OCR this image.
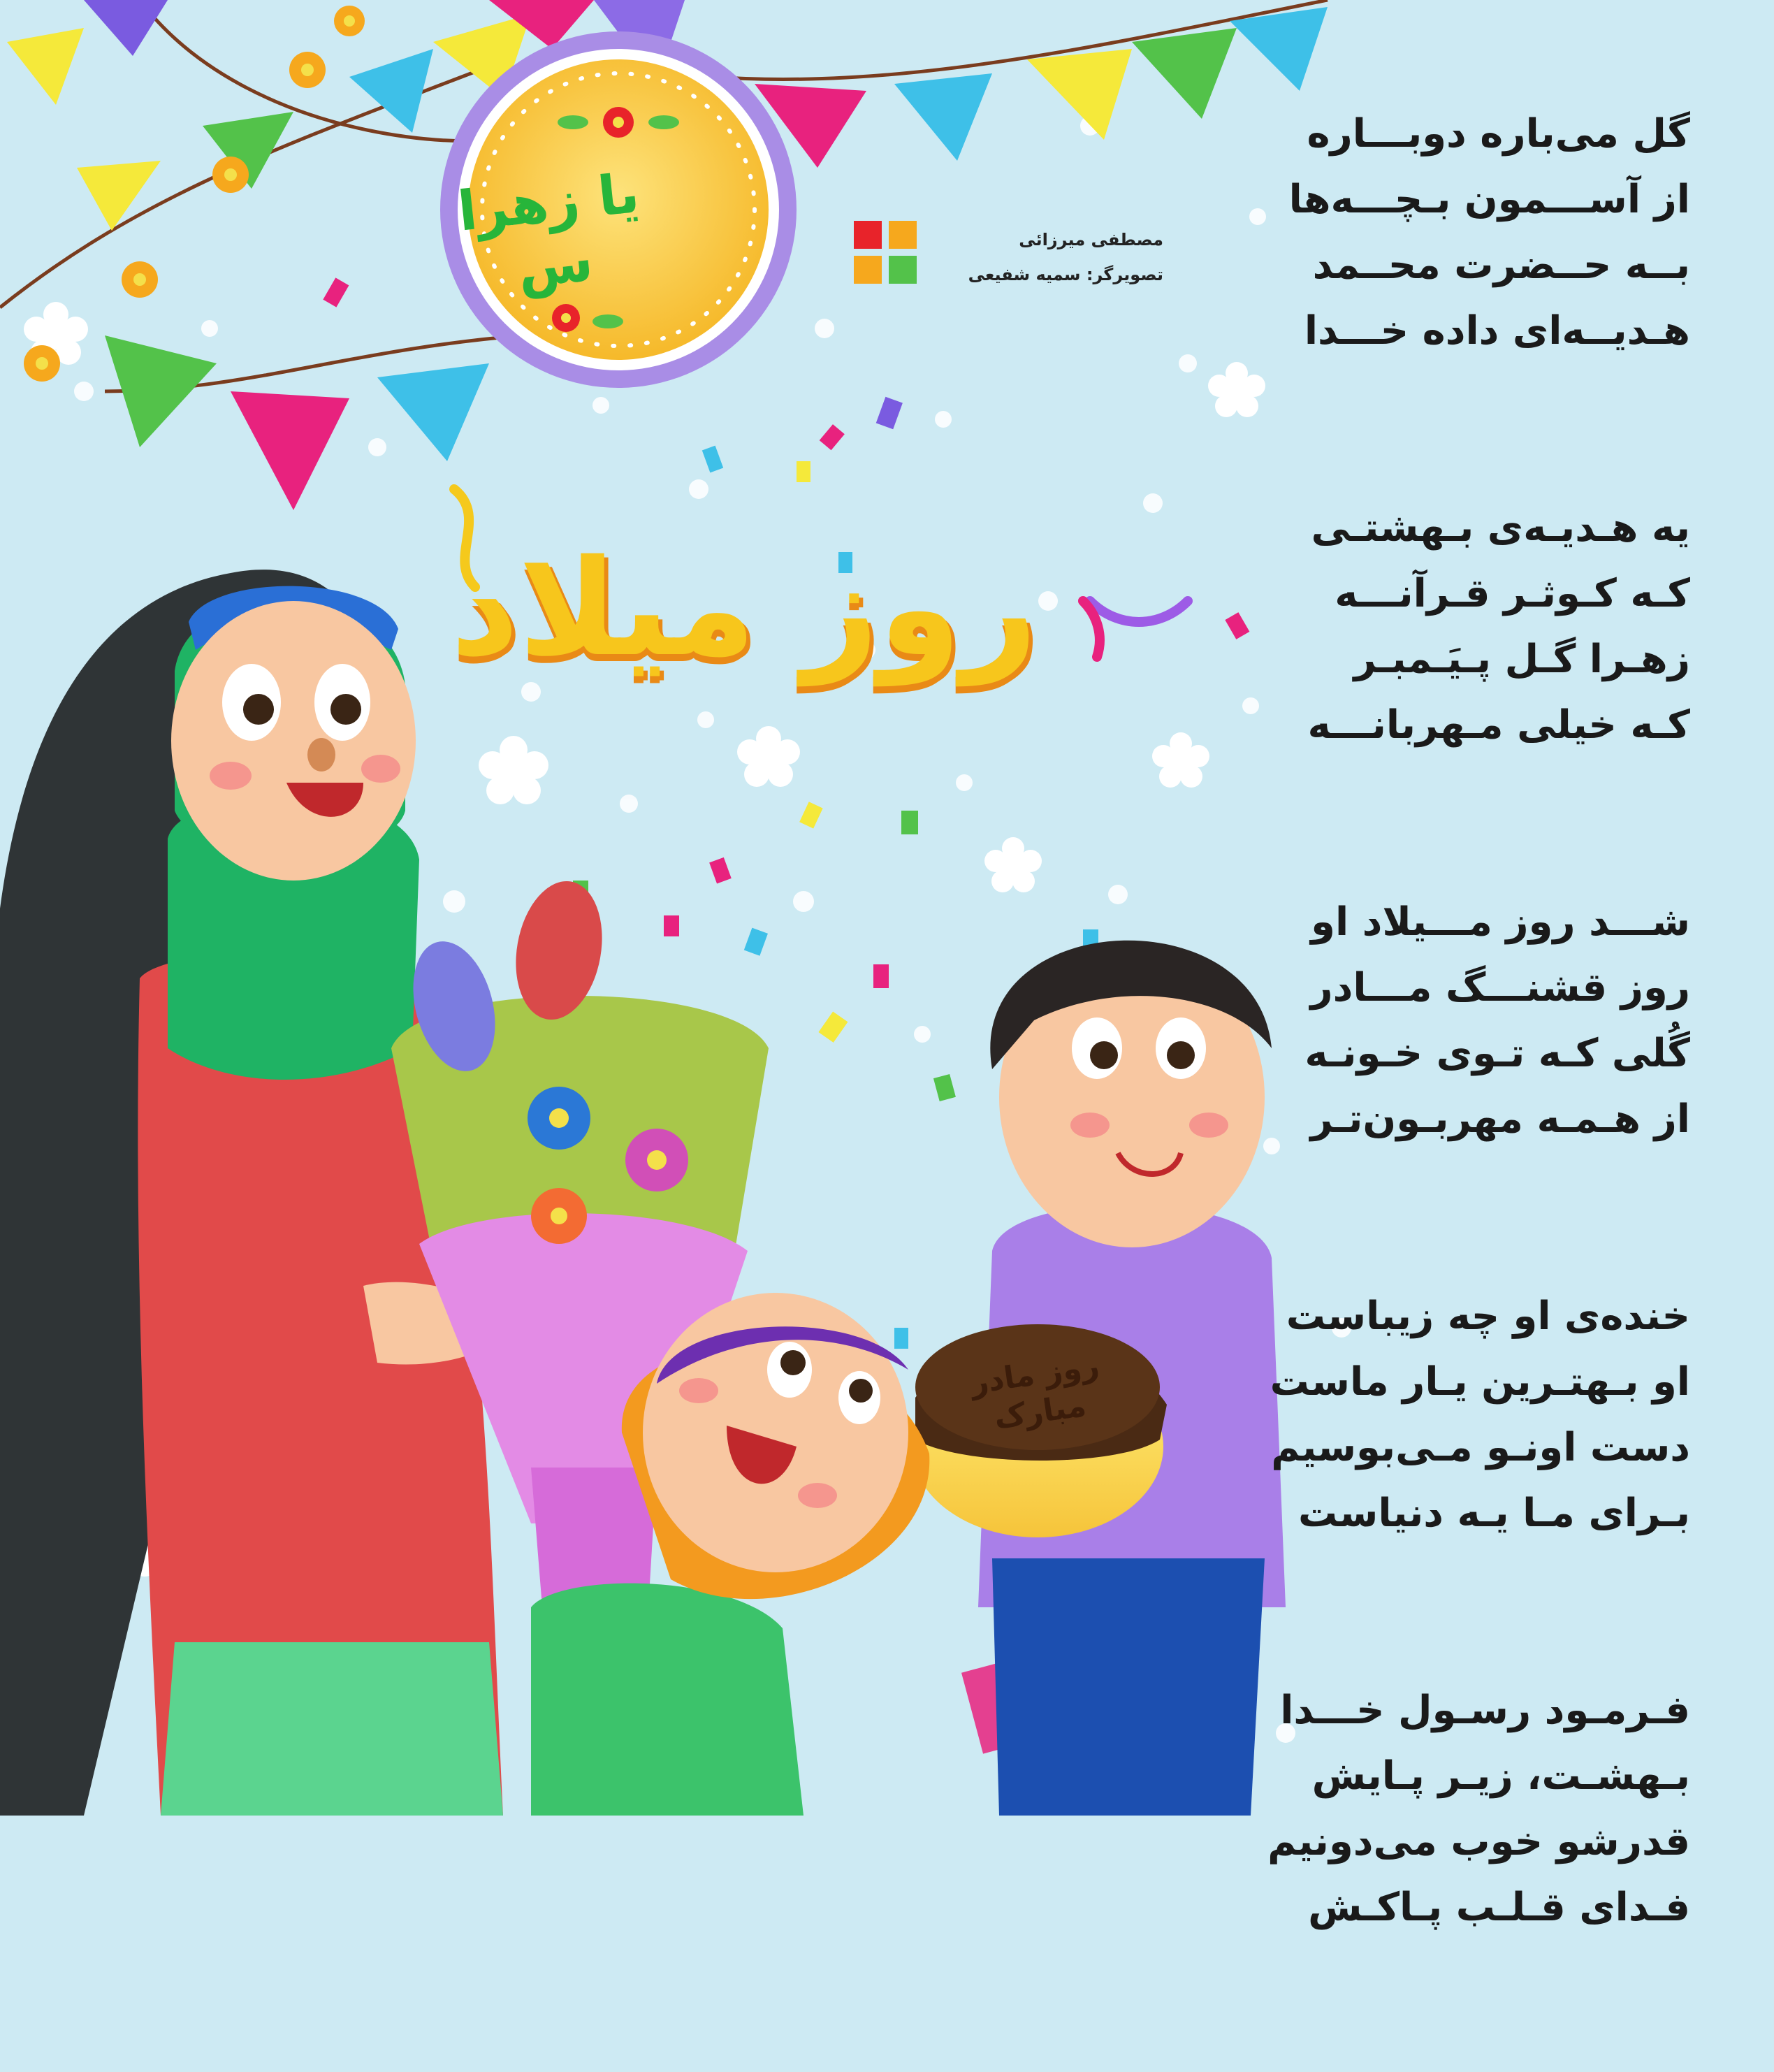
یا زهرا س
روز میلاد
مصطفی میرزائی
تصویرگر: سمیه شفیعی
روز مادر
مبارک
گل می‌باره دوبـــاره
از آســـمون بـچـــه‌ها
بــه حــضرت محــمد
هـديــه‌ای داده خـــدا
یه هـدیـه‌ی بـهشتـی
کـه کـوثـر قـرآنـــه
زهـرا گـل پـیَـمبـر
کـه خیلی مـهربانـــه
شـــد روز مـــیلاد او
روز قشنـــگ مـــادر
گُلی کـه تـوی خـونـه
از هـمـه مهربـون‌تـر
خنده‌ی او چه زیباست
او بـهتـرین یـار ماست
دست اونـو مـی‌بوسیم
بـرای مـا یـه دنیاست
فـرمـود رسـول خـــدا
بـهشـت، زیـر پـایش
قدرشو خوب می‌دونیم
فـدای قـلـب پـاکـش
